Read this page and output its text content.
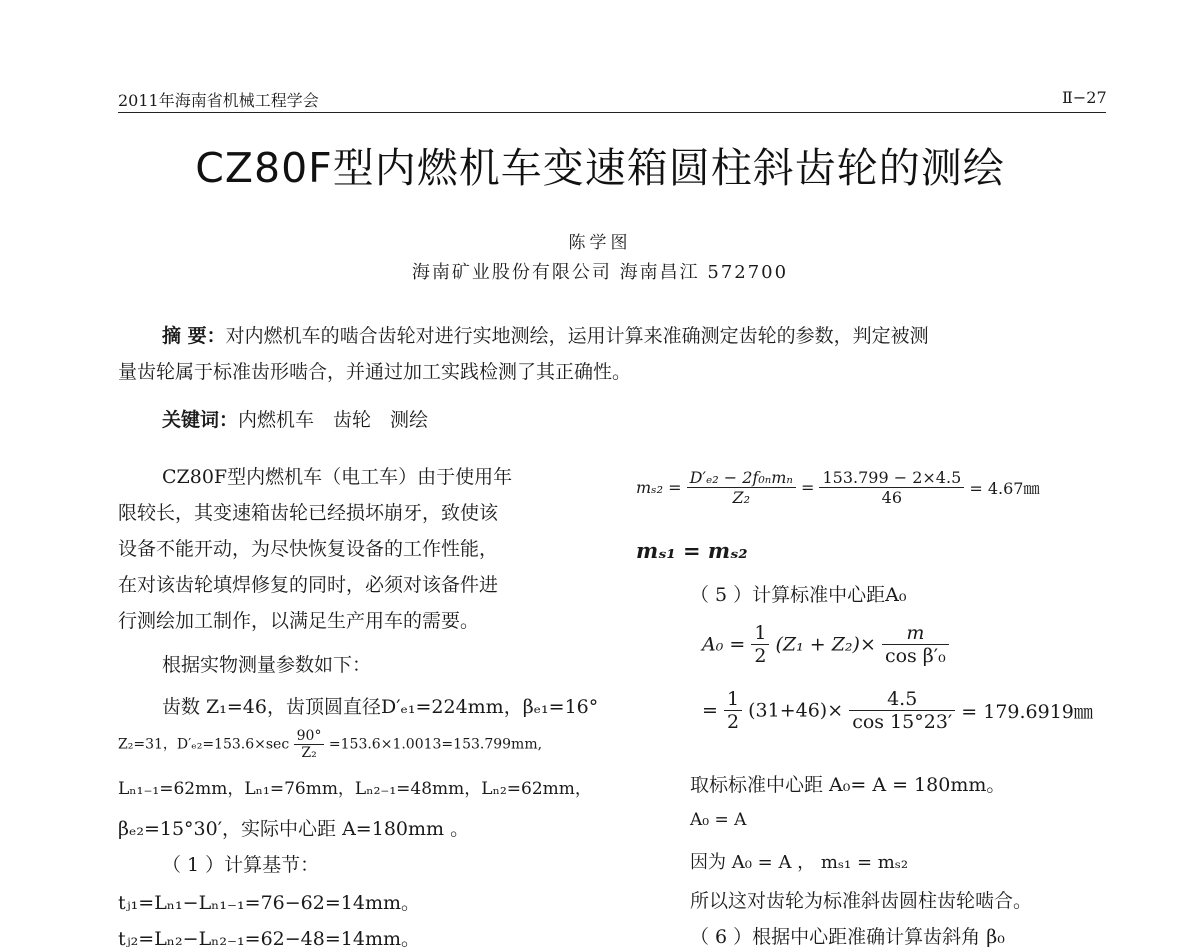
2011年海南省机械工程学会	Ⅱ−27
CZ80F型内燃机车变速箱圆柱斜齿轮的测绘
陈学图
海南矿业股份有限公司 海南昌江 572700
摘 要：对内燃机车的啮合齿轮对进行实地测绘，运用计算来准确测定齿轮的参数，判定被测
量齿轮属于标准齿形啮合，并通过加工实践检测了其正确性。
关键词：内燃机车　齿轮　测绘
CZ80F型内燃机车（电工车）由于使用年
限较长，其变速箱齿轮已经损坏崩牙，致使该
设备不能开动，为尽快恢复设备的工作性能，
在对该齿轮填焊修复的同时，必须对该备件进
行测绘加工制作，以满足生产用车的需要。
根据实物测量参数如下：
齿数 Z₁=46，齿顶圆直径D′ₑ₁=224mm，βₑ₁=16°
Z₂=31，$D'_{e2}=153.6\times\sec \frac{90^\circ}{\text{Z₂}} =153.6\times 1.0013=153.799mm$,
Lₙ₁₋₁=62mm，Lₙ₁=76mm，Lₙ₂₋₁=48mm，Lₙ₂=62mm，
βₑ₂=15°30′，实际中心距 A=180mm 。
（ 1 ）计算基节：
tⱼ₁=Lₙ₁−Lₙ₁₋₁=76−62=14mm。
tⱼ₂=Lₙ₂−Lₙ₂₋₁=62−48=14mm。
$m_{s2} = \frac{\text{D′ₑ₂ − 2f₀ₙmₙ}}{\text{Z₂}} = \frac{153.799 - 2\times 4.5}{46}$ = 4.67㎜
mₛ₁ = mₛ₂
（ 5 ）计算标准中心距A₀
$A_0 = \frac{1}{2} (Z_1 + Z_2)\times \frac{m}{\text{cos β′₀}}$
= $\frac{1}{2} (31+46)\times \frac{4.5}{\cos 15^\circ 23'}$ = 179.6919㎜
取标标准中心距 A₀= A = 180mm。
A₀ = A
因为 A₀ = A ， mₛ₁ = mₛ₂
所以这对齿轮为标准斜齿圆柱齿轮啮合。
（ 6 ）根据中心距准确计算齿斜角 β₀
